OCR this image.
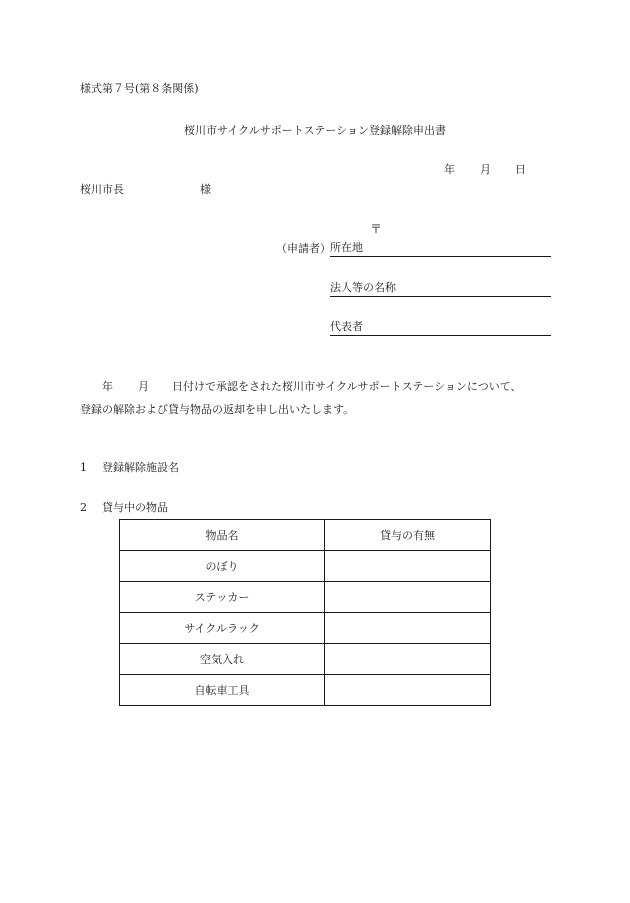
様式第７号(第８条関係)
桜川市サイクルサポートステーション登録解除申出書
年 月 日
桜川市長	様
〒
（申請者） 所在地
法人等の名称
代表者
年 月 日付けで承認をされた桜川市サイクルサポートステーションについて、
登録の解除および貸与物品の返却を申し出いたします。
1 登録解除施設名
2 貸与中の物品
物品名	貸与の有無
のぼり	
ステッカー	
サイクルラック	
空気入れ	
自転車工具	
